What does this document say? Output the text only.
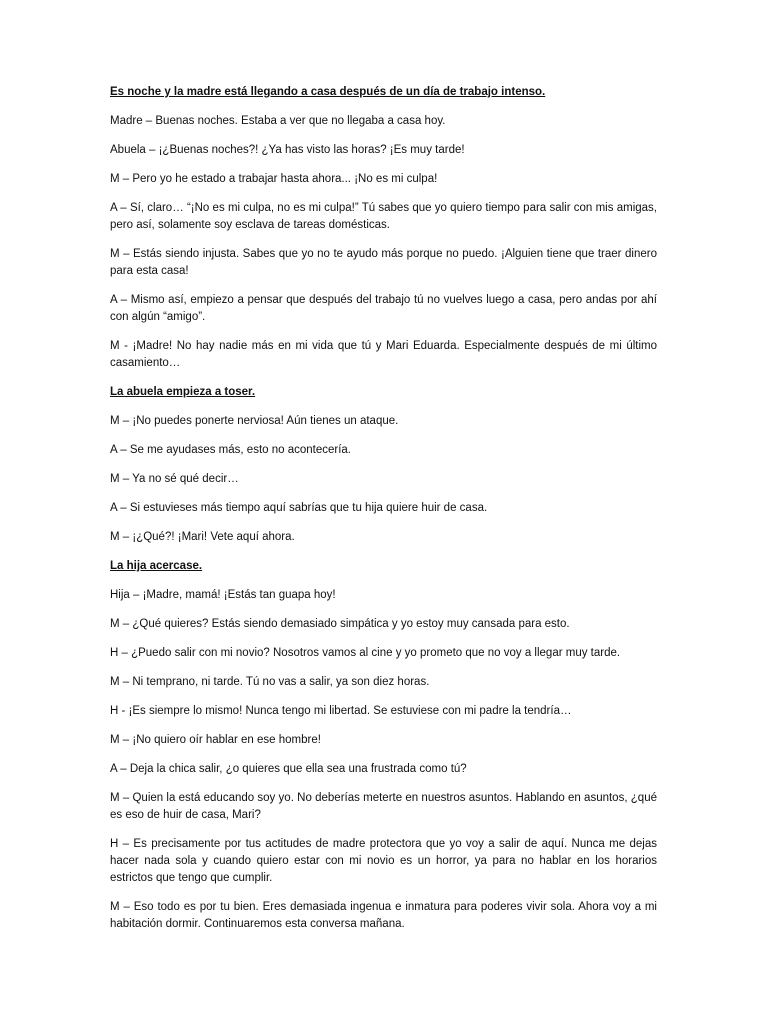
Es noche y la madre está llegando a casa después de un día de trabajo intenso.

Madre – Buenas noches. Estaba a ver que no llegaba a casa hoy.

Abuela – ¡¿Buenas noches?! ¿Ya has visto las horas? ¡Es muy tarde!

M – Pero yo he estado a trabajar hasta ahora... ¡No es mi culpa!

A – Sí, claro… “¡No es mi culpa, no es mi culpa!” Tú sabes que yo quiero tiempo para salir con mis amigas, pero así, solamente soy esclava de tareas domésticas.

M – Estás siendo injusta. Sabes que yo no te ayudo más porque no puedo. ¡Alguien tiene que traer dinero para esta casa!

A – Mismo así, empiezo a pensar que después del trabajo tú no vuelves luego a casa, pero andas por ahí con algún “amigo”.

M - ¡Madre! No hay nadie más en mi vida que tú y Mari Eduarda. Especialmente después de mi último casamiento…

La abuela empieza a toser.

M – ¡No puedes ponerte nerviosa! Aún tienes un ataque.

A – Se me ayudases más, esto no acontecería.

M – Ya no sé qué decir…

A – Si estuvieses más tiempo aquí sabrías que tu hija quiere huir de casa.

M – ¡¿Qué?! ¡Mari! Vete aquí ahora.

La hija acercase.

Hija – ¡Madre, mamá! ¡Estás tan guapa hoy!

M – ¿Qué quieres? Estás siendo demasiado simpática y yo estoy muy cansada para esto.

H – ¿Puedo salir con mi novio? Nosotros vamos al cine y yo prometo que no voy a llegar muy tarde.

M – Ni temprano, ni tarde. Tú no vas a salir, ya son diez horas.

H - ¡Es siempre lo mismo! Nunca tengo mi libertad. Se estuviese con mi padre la tendría…

M – ¡No quiero oír hablar en ese hombre!

A – Deja la chica salir, ¿o quieres que ella sea una frustrada como tú?

M – Quien la está educando soy yo. No deberías meterte en nuestros asuntos. Hablando en asuntos, ¿qué es eso de huir de casa, Mari?

H – Es precisamente por tus actitudes de madre protectora que yo voy a salir de aquí. Nunca me dejas hacer nada sola y cuando quiero estar con mi novio es un horror, ya para no hablar en los horarios estrictos que tengo que cumplir.

M – Eso todo es por tu bien. Eres demasiada ingenua e inmatura para poderes vivir sola. Ahora voy a mi habitación dormir. Continuaremos esta conversa mañana.
